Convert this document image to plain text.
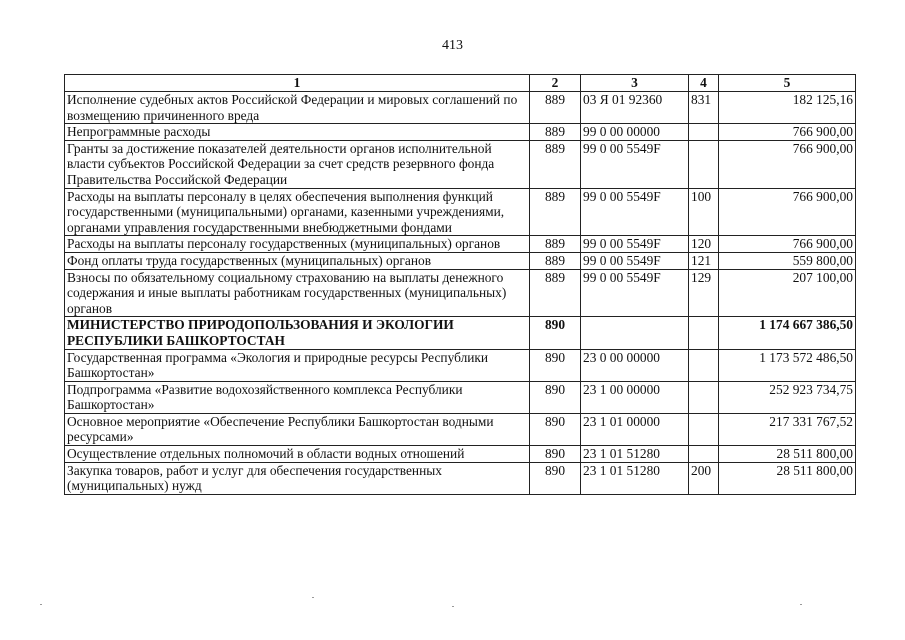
413
1	2	3	4	5
Исполнение судебных актов Российской Федерации и мировых соглашений по возмещению причиненного вреда	889	03 Я 01 92360	831	182 125,16
Непрограммные расходы	889	99 0 00 00000		766 900,00
Гранты за достижение показателей деятельности органов исполнительной власти субъектов Российской Федерации за счет средств резервного фонда Правительства Российской Федерации	889	99 0 00 5549F		766 900,00
Расходы на выплаты персоналу в целях обеспечения выполнения функций государственными (муниципальными) органами, казенными учреждениями, органами управления государственными внебюджетными фондами	889	99 0 00 5549F	100	766 900,00
Расходы на выплаты персоналу государственных (муниципальных) органов	889	99 0 00 5549F	120	766 900,00
Фонд оплаты труда государственных (муниципальных) органов	889	99 0 00 5549F	121	559 800,00
Взносы по обязательному социальному страхованию на выплаты денежного содержания и иные выплаты работникам государственных (муниципальных) органов	889	99 0 00 5549F	129	207 100,00
МИНИСТЕРСТВО ПРИРОДОПОЛЬЗОВАНИЯ И ЭКОЛОГИИ РЕСПУБЛИКИ БАШКОРТОСТАН	890			1 174 667 386,50
Государственная программа «Экология и природные ресурсы Республики Башкортостан»	890	23 0 00 00000		1 173 572 486,50
Подпрограмма «Развитие водохозяйственного комплекса Республики Башкортостан»	890	23 1 00 00000		252 923 734,75
Основное мероприятие «Обеспечение Республики Башкортостан водными ресурсами»	890	23 1 01 00000		217 331 767,52
Осуществление отдельных полномочий в области водных отношений	890	23 1 01 51280		28 511 800,00
Закупка товаров, работ и услуг для обеспечения государственных (муниципальных) нужд	890	23 1 01 51280	200	28 511 800,00
